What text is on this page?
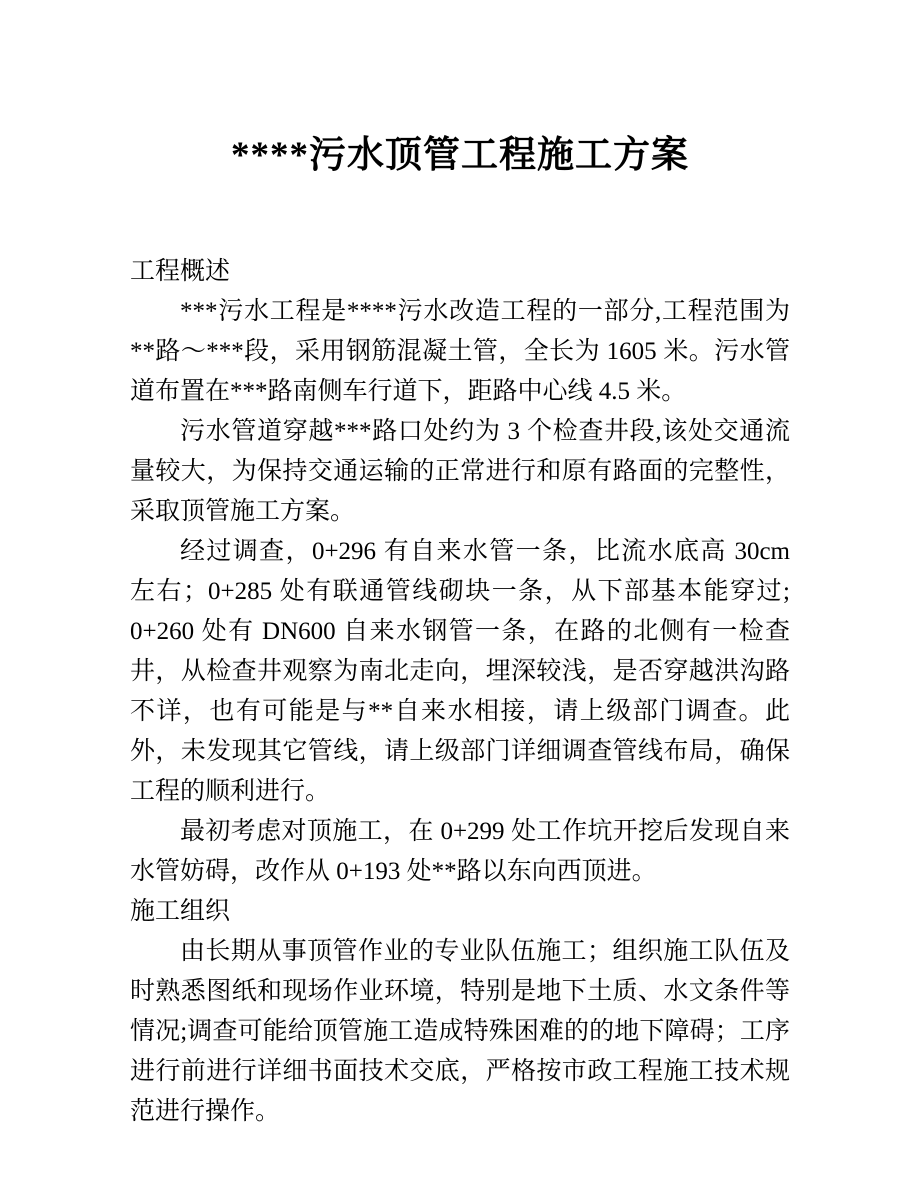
****污水顶管工程施工方案

工程概述

***污水工程是****污水改造工程的一部分,工程范围为**路～***段，采用钢筋混凝土管，全长为 1605 米。污水管道布置在***路南侧车行道下，距路中心线 4.5 米。

污水管道穿越***路口处约为 3 个检查井段,该处交通流量较大，为保持交通运输的正常进行和原有路面的完整性，采取顶管施工方案。

经过调查，0+296 有自来水管一条，比流水底高 30cm 左右；0+285 处有联通管线砌块一条，从下部基本能穿过; 0+260 处有 DN600 自来水钢管一条，在路的北侧有一检查井，从检查井观察为南北走向，埋深较浅，是否穿越洪沟路不详，也有可能是与**自来水相接，请上级部门调查。此外，未发现其它管线，请上级部门详细调查管线布局，确保工程的顺利进行。

最初考虑对顶施工，在 0+299 处工作坑开挖后发现自来水管妨碍，改作从 0+193 处**路以东向西顶进。

施工组织

由长期从事顶管作业的专业队伍施工；组织施工队伍及时熟悉图纸和现场作业环境，特别是地下土质、水文条件等情况;调查可能给顶管施工造成特殊困难的的地下障碍；工序进行前进行详细书面技术交底，严格按市政工程施工技术规范进行操作。
